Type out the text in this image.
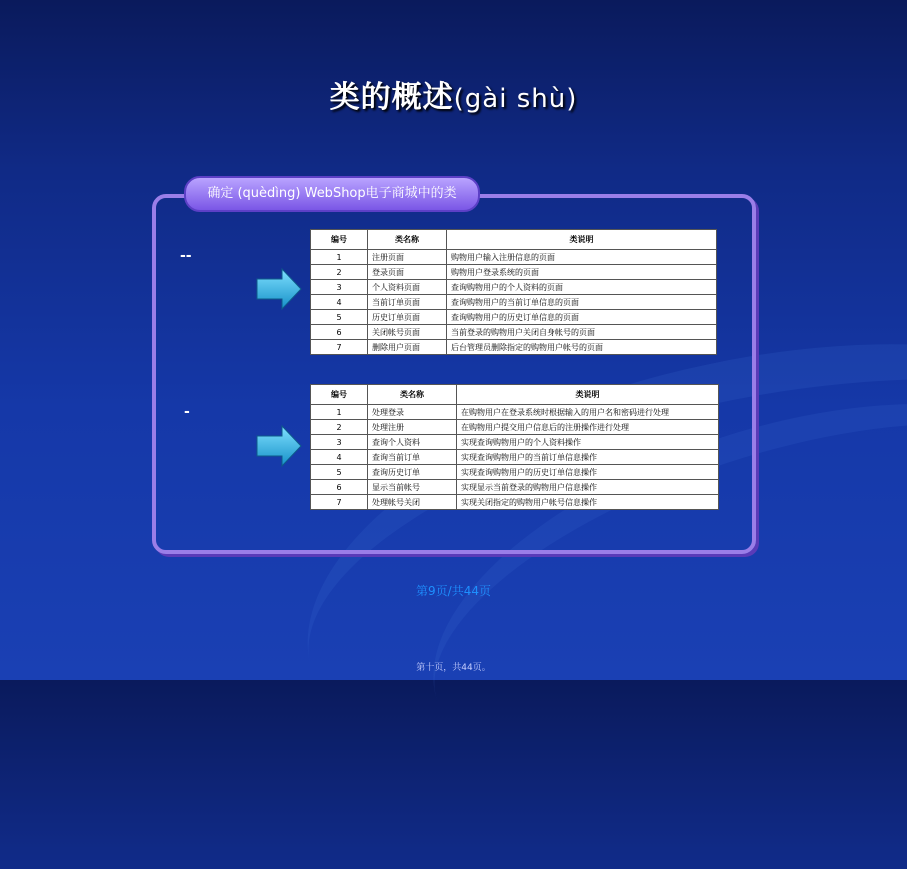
类的概述(gài shù)
确定 (quèdìng) WebShop电子商城中的类
--
-
编号	类名称	类说明
1	注册页面	购物用户输入注册信息的页面
2	登录页面	购物用户登录系统的页面
3	个人资料页面	查询购物用户的个人资料的页面
4	当前订单页面	查询购物用户的当前订单信息的页面
5	历史订单页面	查询购物用户的历史订单信息的页面
6	关闭帐号页面	当前登录的购物用户关闭自身帐号的页面
7	删除用户页面	后台管理员删除指定的购物用户帐号的页面
编号	类名称	类说明
1	处理登录	在购物用户在登录系统时根据输入的用户名和密码进行处理
2	处理注册	在购物用户提交用户信息后的注册操作进行处理
3	查询个人资料	实现查询购物用户的个人资料操作
4	查询当前订单	实现查询购物用户的当前订单信息操作
5	查询历史订单	实现查询购物用户的历史订单信息操作
6	显示当前帐号	实现显示当前登录的购物用户信息操作
7	处理帐号关闭	实现关闭指定的购物用户帐号信息操作
第9页/共44页
第十页，共44页。
